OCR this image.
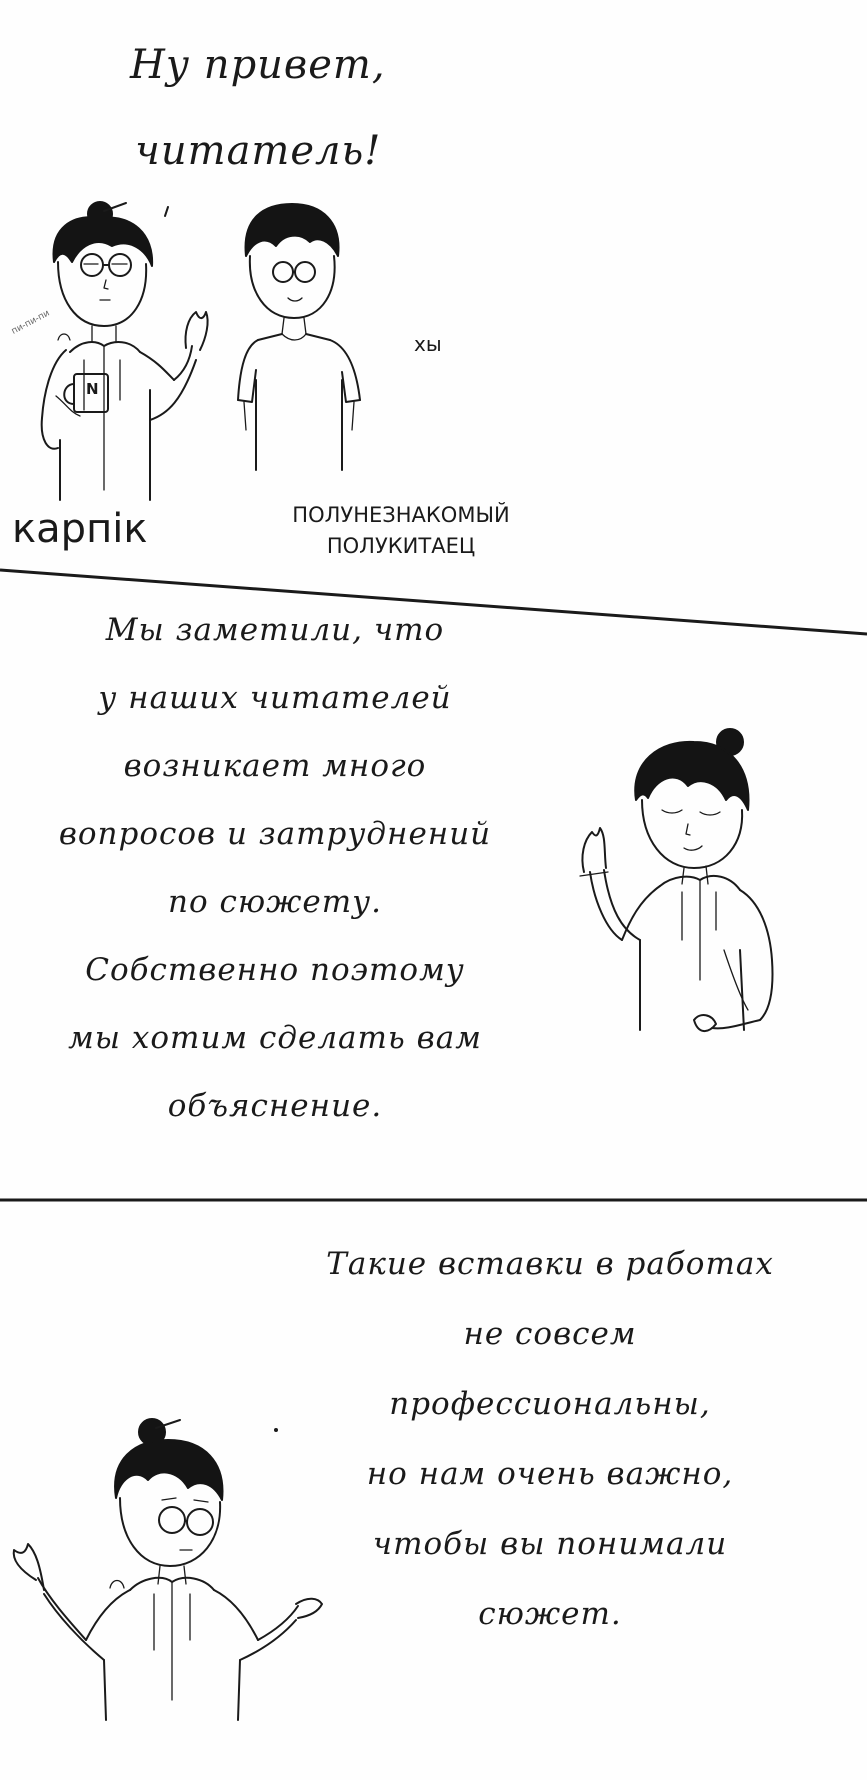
Ну привет,
читатель!
пи-пи-пи
N
хы
карпік	ПОЛУНЕЗНАКОМЫЙ
ПОЛУКИТАЕЦ
Мы заметили, что
у наших читателей
возникает много
вопросов и затруднений
по сюжету.
Собственно поэтому
мы хотим сделать вам
объяснение.
Такие вставки в работах
не совсем
профессиональны,
но нам очень важно,
чтобы вы понимали
сюжет.
